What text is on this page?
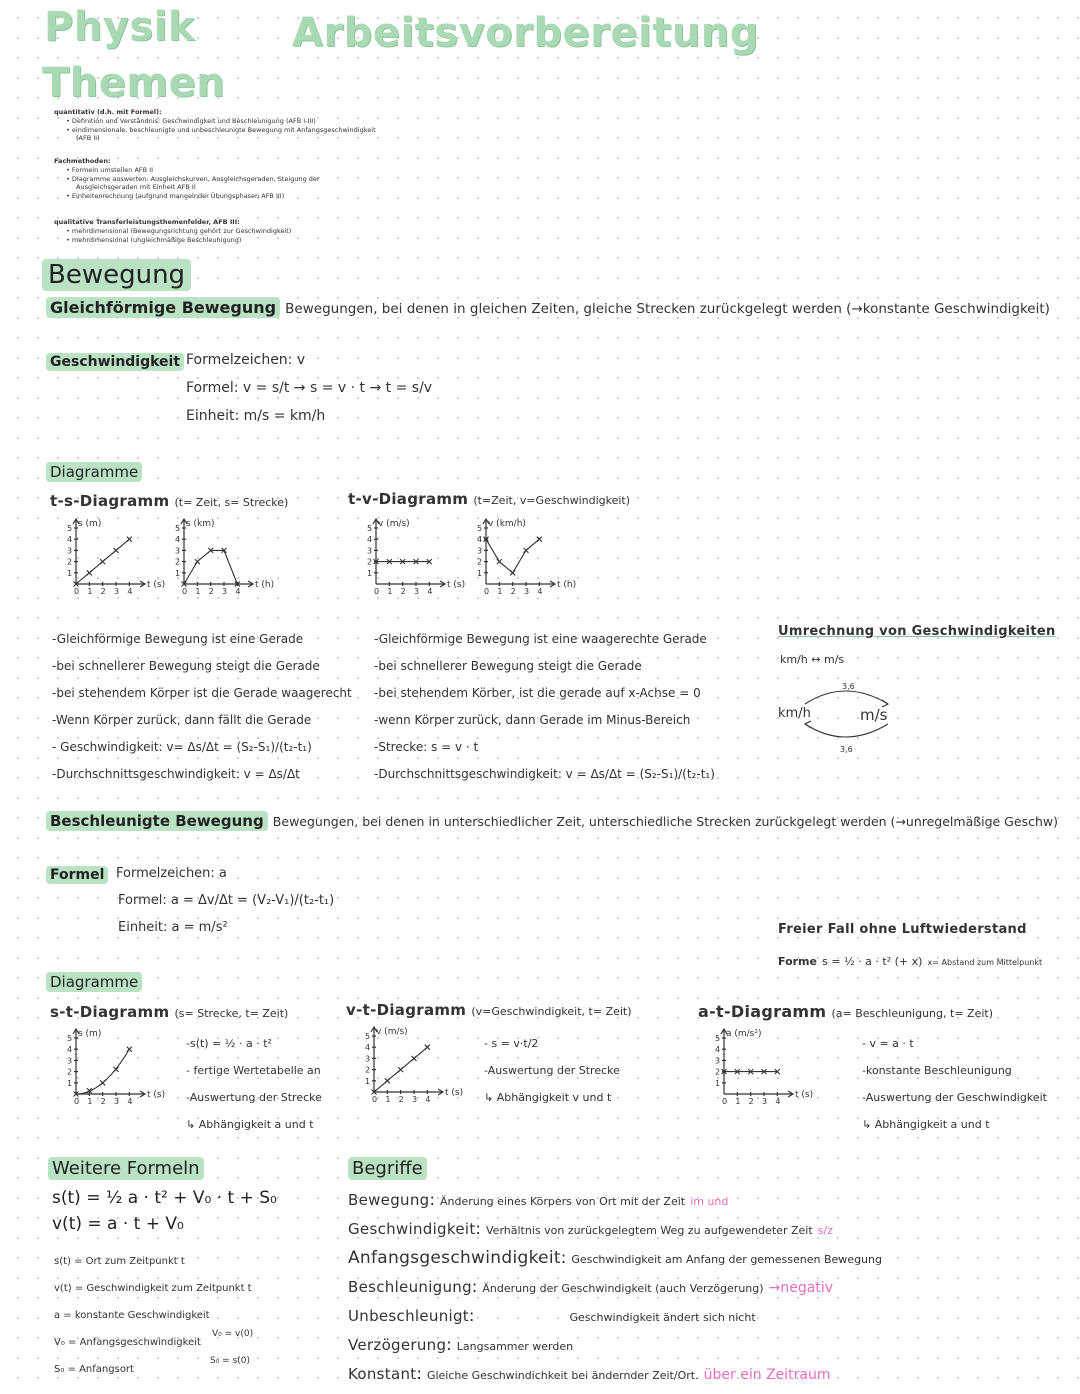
Physik
Themen
Arbeitsvorbereitung
quantitativ (d.h. mit Formel):
• Definition und Verständnis: Geschwindigkeit und Beschleunigung (AFB I-III)
• eindimensionale, beschleunigte und unbeschleunigte Bewegung mit Anfangsgeschwindigkeit
(AFB II)
Fachmethoden:
• Formeln umstellen AFB II
• Diagramme auswerten: Ausgleichskurven, Ausgleichsgeraden, Steigung der
Ausgleichsgeraden mit Einheit AFB II
• Einheitenrechnung (aufgrund mangelnder Übungsphasen AFB III)
qualitative Transferleistungsthemenfelder, AFB III:
• mehrdimensional (Bewegungsrichtung gehört zur Geschwindigkeit)
• mehrdimensional (ungleichmäßige Beschleunigung)
Bewegung
Gleichförmige Bewegung Bewegungen, bei denen in gleichen Zeiten, gleiche Strecken zurückgelegt werden (→konstante Geschwindigkeit)
Geschwindigkeit Formelzeichen: v
Formel: v = s/t → s = v · t → t = s/v
Einheit: m/s = km/h
Diagramme
t-s-Diagramm (t= Zeit, s= Strecke)	t-v-Diagramm (t=Zeit, v=Geschwindigkeit)
s (m)
t (s)
5
4
3
2
1
0 1 2 3 4
s (km)
t (h)
5
4
3
2
1
0 1 2 3 4
v (m/s)
t (s)
5
4
3
2
1
0 1 2 3 4
v (km/h)
t (h)
5
4
3
2
1
0 1 2 3 4
-Gleichförmige Bewegung ist eine Gerade
-bei schnellerer Bewegung steigt die Gerade
-bei stehendem Körper ist die Gerade waagerecht
-Wenn Körper zurück, dann fällt die Gerade
- Geschwindigkeit: v= Δs/Δt = (S₂-S₁)/(t₂-t₁)
-Durchschnittsgeschwindigkeit: v = Δs/Δt
-Gleichförmige Bewegung ist eine waagerechte Gerade
-bei schnellerer Bewegung steigt die Gerade
-bei stehendem Körber, ist die gerade auf x-Achse = 0
-wenn Körper zurück, dann Gerade im Minus-Bereich
-Strecke: s = v · t
-Durchschnittsgeschwindigkeit: v = Δs/Δt = (S₂-S₁)/(t₂-t₁)
Umrechnung von Geschwindigkeiten
km/h ↔ m/s
3,6
3,6
km/h	m/s
Beschleunigte Bewegung Bewegungen, bei denen in unterschiedlicher Zeit, unterschiedliche Strecken zurückgelegt werden (→unregelmäßige Geschw)
Formel Formelzeichen: a
Formel: a = Δv/Δt = (V₂-V₁)/(t₂-t₁)
Einheit: a = m/s²	Freier Fall ohne Luftwiederstand
Forme s = ½ · a · t² (+ x) x= Abstand zum Mittelpunkt
Diagramme
s-t-Diagramm (s= Strecke, t= Zeit)	v-t-Diagramm (v=Geschwindigkeit, t= Zeit)	a-t-Diagramm (a= Beschleunigung, t= Zeit)
s (m)
t (s)
5
4
3
2
1
0 1 2 3 4
v (m/s)
t (s)
5
4
3
2
1
0 1 2 3 4
a (m/s²)
t (s)
5
4
3
2
1
0 1 2 3 4
-s(t) = ½ · a · t²
- fertige Wertetabelle an
-Auswertung der Strecke
↳ Abhängigkeit a und t
- s = v·t/2
-Auswertung der Strecke
↳ Abhängigkeit v und t
- v = a · t
-konstante Beschleunigung
-Auswertung der Geschwindigkeit
↳ Abhängigkeit a und t
Weitere Formeln
s(t) = ½ a · t² + V₀ · t + S₀
v(t) = a · t + V₀
s(t) = Ort zum Zeitpunkt t
v(t) = Geschwindigkeit zum Zeitpunkt t
a = konstante Geschwindigkeit
V₀ = Anfangsgeschwindigkeit
S₀ = Anfangsort
V₀ = v(0)
S₀ = s(0)
Begriffe
Bewegung: Änderung eines Körpers von Ort mit der Zeit im und
Geschwindigkeit: Verhältnis von zurückgelegtem Weg zu aufgewendeter Zeit s/z
Anfangsgeschwindigkeit: Geschwindigkeit am Anfang der gemessenen Bewegung
Beschleunigung: Änderung der Geschwindigkeit (auch Verzögerung) →negativ
Unbeschleunigt:	Geschwindigkeit ändert sich nicht
Verzögerung: Langsammer werden
Konstant: Gleiche Geschwindichkeit bei ändernder Zeit/Ort. über ein Zeitraum
